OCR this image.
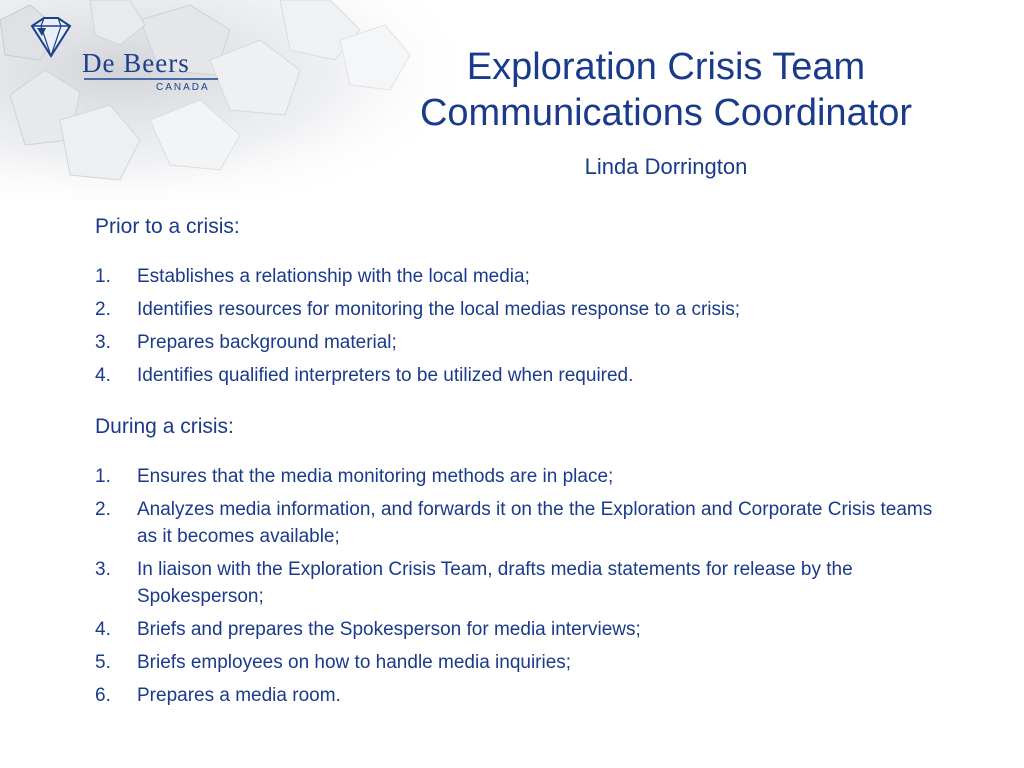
De Beers
CANADA	Exploration Crisis Team
Communications Coordinator
Linda Dorrington
Prior to a crisis:
1. Establishes a relationship with the local media;
2. Identifies resources for monitoring the local medias response to a crisis;
3. Prepares background material;
4. Identifies qualified interpreters to be utilized when required.
During a crisis:
1. Ensures that the media monitoring methods are in place;
2. Analyzes media information, and forwards it on the the Exploration and Corporate Crisis teams as it becomes available;
3. In liaison with the Exploration Crisis Team, drafts media statements for release by the Spokesperson;
4. Briefs and prepares the Spokesperson for media interviews;
5. Briefs employees on how to handle media inquiries;
6. Prepares a media room.
